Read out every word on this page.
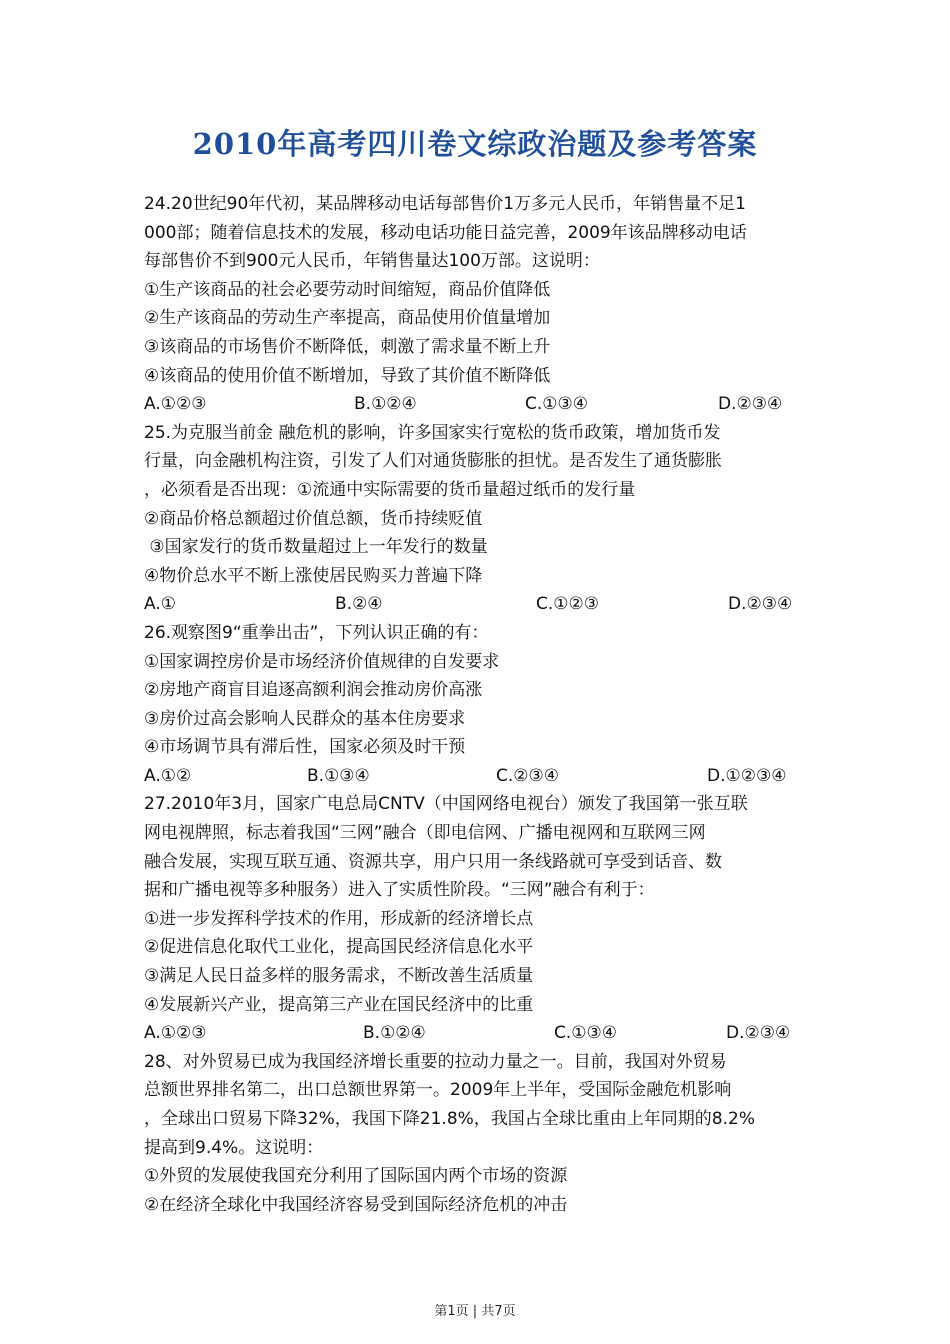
2010年高考四川卷文综政治题及参考答案
24.20世纪90年代初，某品牌移动电话每部售价1万多元人民币，年销售量不足1
000部；随着信息技术的发展，移动电话功能日益完善，2009年该品牌移动电话
每部售价不到900元人民币，年销售量达100万部。这说明：
①生产该商品的社会必要劳动时间缩短，商品价值降低
②生产该商品的劳动生产率提高，商品使用价值量增加
③该商品的市场售价不断降低，刺激了需求量不断上升
④该商品的使用价值不断增加，导致了其价值不断降低
A.①②③	B.①②④	C.①③④	D.②③④
25.为克服当前金 融危机的影响，许多国家实行宽松的货币政策，增加货币发
行量，向金融机构注资，引发了人们对通货膨胀的担忧。是否发生了通货膨胀
，必须看是否出现：①流通中实际需要的货币量超过纸币的发行量
②商品价格总额超过价值总额，货币持续贬值
③国家发行的货币数量超过上一年发行的数量
④物价总水平不断上涨使居民购买力普遍下降
A.①	B.②④	C.①②③	D.②③④
26.观察图9“重拳出击”，下列认识正确的有：
①国家调控房价是市场经济价值规律的自发要求
②房地产商盲目追逐高额利润会推动房价高涨
③房价过高会影响人民群众的基本住房要求
④市场调节具有滞后性，国家必须及时干预
A.①②	B.①③④	C.②③④	D.①②③④
27.2010年3月，国家广电总局CNTV（中国网络电视台）颁发了我国第一张互联
网电视牌照，标志着我国“三网”融合（即电信网、广播电视网和互联网三网
融合发展，实现互联互通、资源共享，用户只用一条线路就可享受到话音、数
据和广播电视等多种服务）进入了实质性阶段。“三网”融合有利于：
①进一步发挥科学技术的作用，形成新的经济增长点
②促进信息化取代工业化，提高国民经济信息化水平
③满足人民日益多样的服务需求，不断改善生活质量
④发展新兴产业，提高第三产业在国民经济中的比重
A.①②③	B.①②④	C.①③④	D.②③④
28、对外贸易已成为我国经济增长重要的拉动力量之一。目前，我国对外贸易
总额世界排名第二，出口总额世界第一。2009年上半年，受国际金融危机影响
，全球出口贸易下降32%，我国下降21.8%，我国占全球比重由上年同期的8.2%
提高到9.4%。这说明：
①外贸的发展使我国充分利用了国际国内两个市场的资源
②在经济全球化中我国经济容易受到国际经济危机的冲击
第1页 | 共7页
